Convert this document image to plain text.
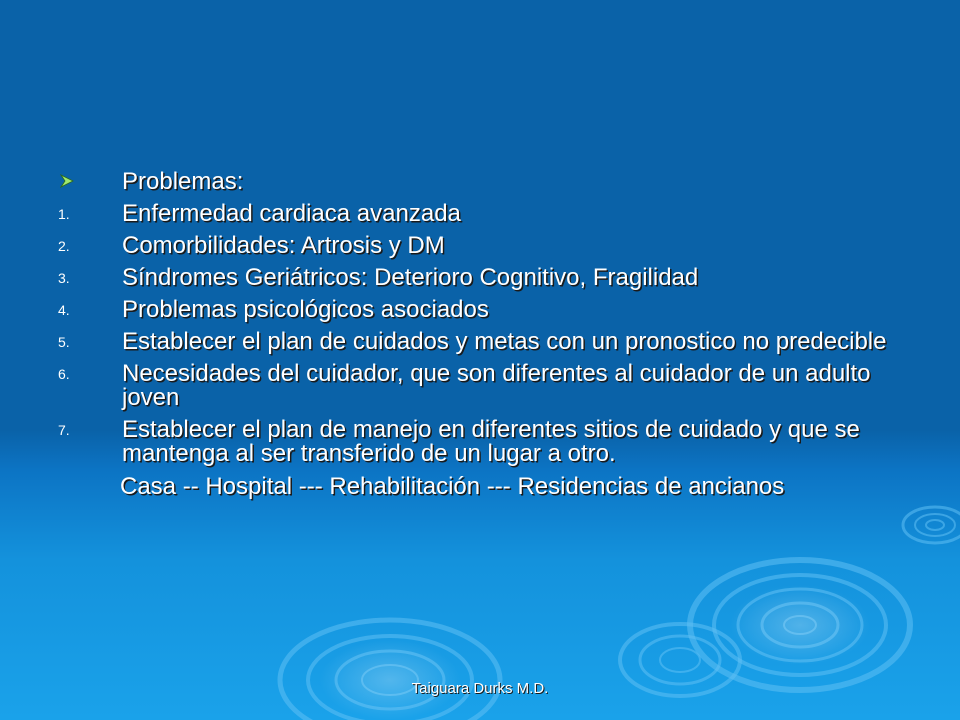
Problemas:
1. Enfermedad cardiaca avanzada
2. Comorbilidades: Artrosis y DM
3. Síndromes Geriátricos: Deterioro Cognitivo, Fragilidad
4. Problemas psicológicos asociados
5. Establecer el plan de cuidados y metas con un pronostico no predecible
6. Necesidades del cuidador, que son diferentes al cuidador de un adulto joven
7. Establecer el plan de manejo en diferentes sitios de cuidado y que se mantenga al ser transferido de un lugar a otro.
Casa -- Hospital --- Rehabilitación --- Residencias de ancianos
Taiguara Durks M.D.
